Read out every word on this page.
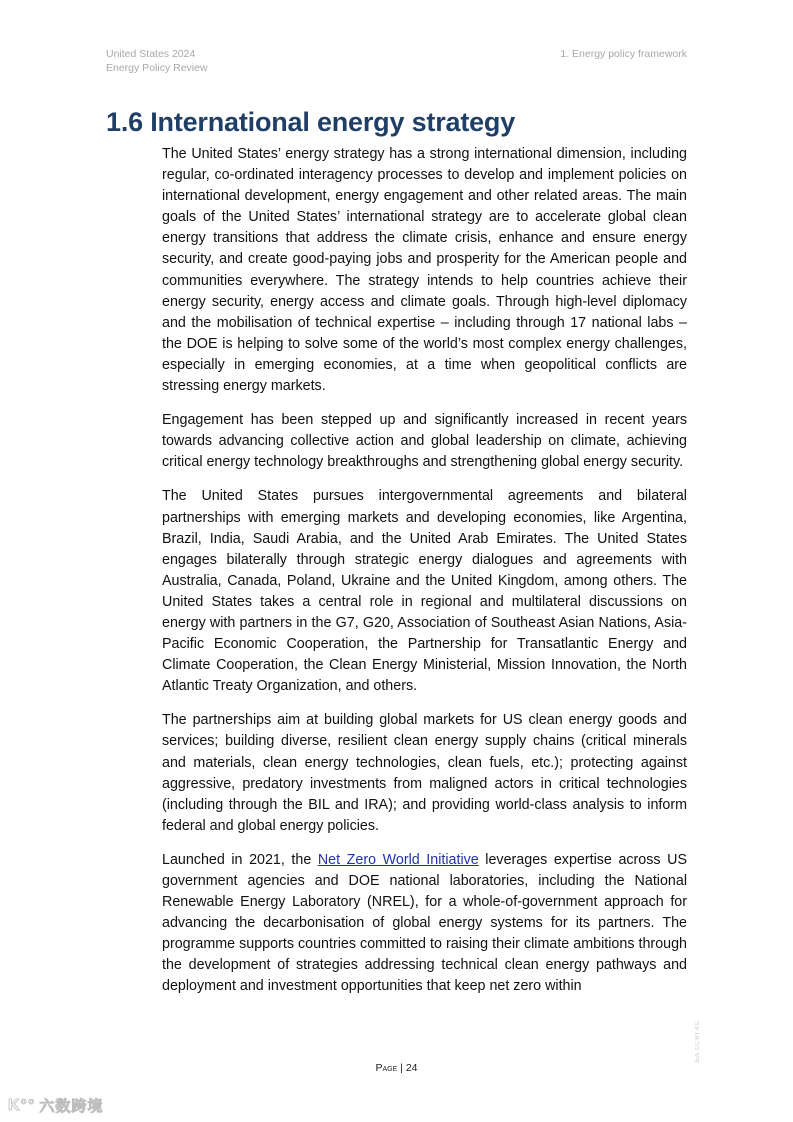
United States 2024
Energy Policy Review
1. Energy policy framework
1.6 International energy strategy

The United States’ energy strategy has a strong international dimension, including regular, co-ordinated interagency processes to develop and implement policies on international development, energy engagement and other related areas. The main goals of the United States’ international strategy are to accelerate global clean energy transitions that address the climate crisis, enhance and ensure energy security, and create good-paying jobs and prosperity for the American people and communities everywhere. The strategy intends to help countries achieve their energy security, energy access and climate goals. Through high-level diplomacy and the mobilisation of technical expertise – including through 17 national labs – the DOE is helping to solve some of the world’s most complex energy challenges, especially in emerging economies, at a time when geopolitical conflicts are stressing energy markets.

Engagement has been stepped up and significantly increased in recent years towards advancing collective action and global leadership on climate, achieving critical energy technology breakthroughs and strengthening global energy security.

The United States pursues intergovernmental agreements and bilateral partnerships with emerging markets and developing economies, like Argentina, Brazil, India, Saudi Arabia, and the United Arab Emirates. The United States engages bilaterally through strategic energy dialogues and agreements with Australia, Canada, Poland, Ukraine and the United Kingdom, among others. The United States takes a central role in regional and multilateral discussions on energy with partners in the G7, G20, Association of Southeast Asian Nations, Asia-Pacific Economic Cooperation, the Partnership for Transatlantic Energy and Climate Cooperation, the Clean Energy Ministerial, Mission Innovation, the North Atlantic Treaty Organization, and others.

The partnerships aim at building global markets for US clean energy goods and services; building diverse, resilient clean energy supply chains (critical minerals and materials, clean energy technologies, clean fuels, etc.); protecting against aggressive, predatory investments from maligned actors in critical technologies (including through the BIL and IRA); and providing world-class analysis to inform federal and global energy policies.

Launched in 2021, the Net Zero World Initiative leverages expertise across US government agencies and DOE national laboratories, including the National Renewable Energy Laboratory (NREL), for a whole-of-government approach for advancing the decarbonisation of global energy systems for its partners. The programme supports countries committed to raising their climate ambitions through the development of strategies addressing technical clean energy pathways and deployment and investment opportunities that keep net zero within

IEA. CC BY 4.0.
Page | 24
K°° 六数跨境
